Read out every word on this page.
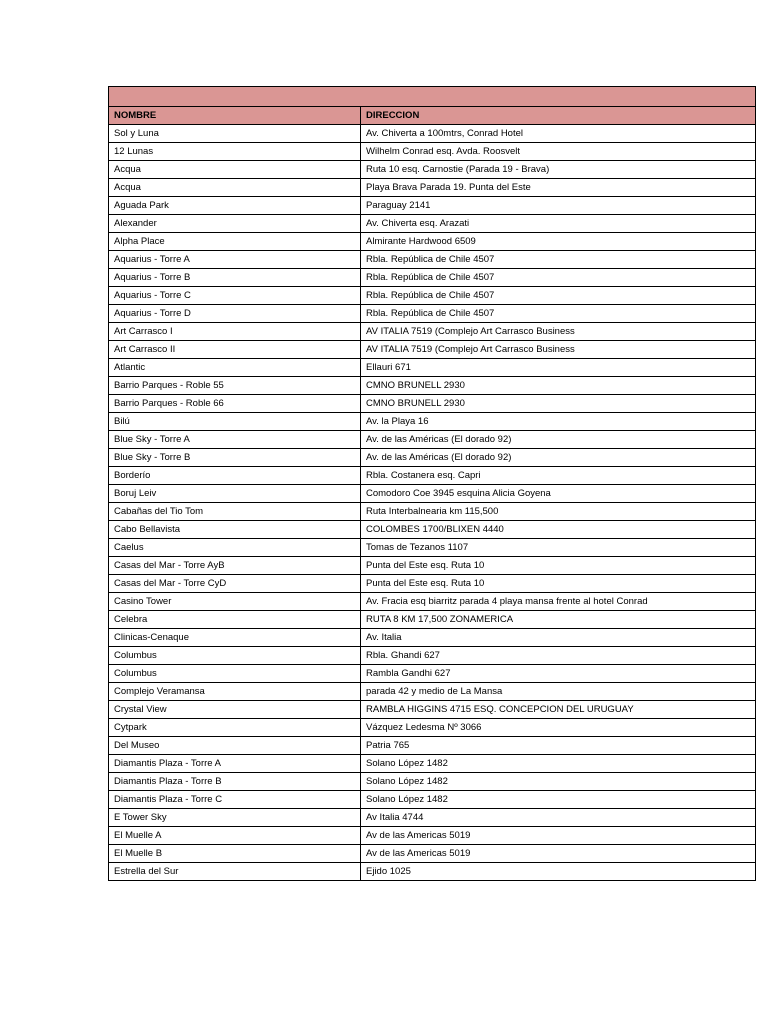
NOMBRE	DIRECCION
Sol y Luna	Av. Chiverta a 100mtrs, Conrad Hotel
12 Lunas	Wilhelm Conrad esq. Avda. Roosvelt
Acqua	Ruta 10 esq. Carnostie (Parada 19 - Brava)
Acqua	Playa Brava Parada 19. Punta del Este
Aguada Park	Paraguay 2141
Alexander	Av. Chiverta esq. Arazati
Alpha Place	Almirante Hardwood 6509
Aquarius - Torre A	Rbla. República de Chile 4507
Aquarius - Torre B	Rbla. República de Chile 4507
Aquarius - Torre C	Rbla. República de Chile 4507
Aquarius - Torre D	Rbla. República de Chile 4507
Art Carrasco I	AV ITALIA 7519 (Complejo Art Carrasco Business
Art Carrasco II	AV ITALIA 7519 (Complejo Art Carrasco Business
Atlantic	Ellauri 671
Barrio Parques - Roble 55	CMNO BRUNELL 2930
Barrio Parques - Roble 66	CMNO BRUNELL 2930
Bilú	Av. la Playa 16
Blue Sky - Torre A	Av. de las Américas (El dorado 92)
Blue Sky - Torre B	Av. de las Américas (El dorado 92)
Borderío	Rbla. Costanera esq. Capri
Boruj Leiv	Comodoro Coe 3945 esquina Alicia Goyena
Cabañas del Tio Tom	Ruta Interbalnearia km 115,500
Cabo Bellavista	COLOMBES 1700/BLIXEN 4440
Caelus	Tomas de Tezanos 1107
Casas del Mar - Torre AyB	Punta del Este esq. Ruta 10
Casas del Mar - Torre CyD	Punta del Este esq. Ruta 10
Casino Tower	Av. Fracia esq biarritz parada 4 playa mansa frente al hotel Conrad
Celebra	RUTA 8 KM 17,500 ZONAMERICA
Clinicas-Cenaque	Av. Italia
Columbus	Rbla. Ghandi 627
Columbus	Rambla Gandhi 627
Complejo Veramansa	parada 42 y medio de La Mansa
Crystal View	RAMBLA HIGGINS 4715 ESQ. CONCEPCION DEL URUGUAY
Cytpark	Vázquez Ledesma Nº 3066
Del Museo	Patria 765
Diamantis Plaza - Torre A	Solano López 1482
Diamantis Plaza - Torre B	Solano López 1482
Diamantis Plaza - Torre C	Solano López 1482
E Tower Sky	Av Italia 4744
El Muelle A	Av de las Americas 5019
El Muelle B	Av de las Americas 5019
Estrella del Sur	Ejido 1025
